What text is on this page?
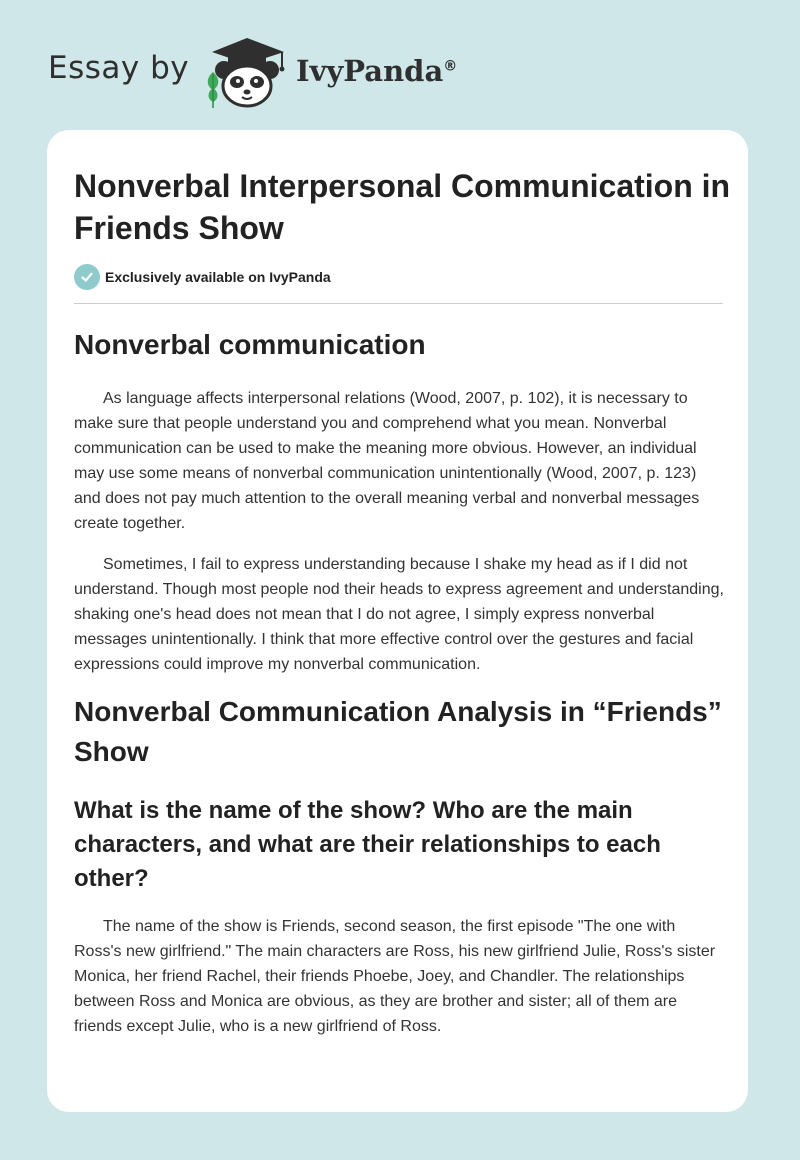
Essay by	IvyPanda®
Nonverbal Interpersonal Communication in Friends Show
Exclusively available on IvyPanda
Nonverbal communication

As language affects interpersonal relations (Wood, 2007, p. 102), it is necessary to make sure that people understand you and comprehend what you mean. Nonverbal communication can be used to make the meaning more obvious. However, an individual may use some means of nonverbal communication unintentionally (Wood, 2007, p. 123) and does not pay much attention to the overall meaning verbal and nonverbal messages create together.

Sometimes, I fail to express understanding because I shake my head as if I did not understand. Though most people nod their heads to express agreement and understanding, shaking one's head does not mean that I do not agree, I simply express nonverbal messages unintentionally. I think that more effective control over the gestures and facial expressions could improve my nonverbal communication.

Nonverbal Communication Analysis in “Friends” Show
What is the name of the show? Who are the main characters, and what are their relationships to each other?

The name of the show is Friends, second season, the first episode "The one with Ross's new girlfriend." The main characters are Ross, his new girlfriend Julie, Ross's sister Monica, her friend Rachel, their friends Phoebe, Joey, and Chandler. The relationships between Ross and Monica are obvious, as they are brother and sister; all of them are friends except Julie, who is a new girlfriend of Ross.
